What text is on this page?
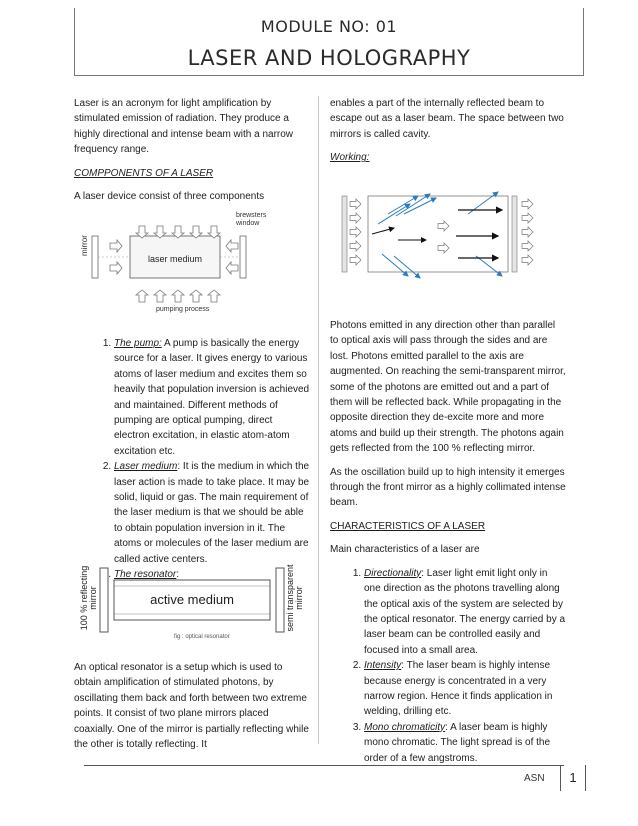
MODULE NO: 01
LASER AND HOLOGRAPHY

Laser is an acronym for light amplification by stimulated emission of radiation. They produce a highly directional and intense beam with a narrow frequency range.

COMPPONENTS OF A LASER

A laser device consist of three components

mirror
laser medium
brewsters window
pumping process
1. The pump: A pump is basically the energy source for a laser. It gives energy to various atoms of laser medium and excites them so heavily that population inversion is achieved and maintained. Different methods of pumping are optical pumping, direct electron excitation, in elastic atom-atom excitation etc.
2. Laser medium: It is the medium in which the laser action is made to take place. It may be solid, liquid or gas. The main requirement of the laser medium is that we should be able to obtain population inversion in it. The atoms or molecules of the laser medium are called active centers.
3. The resonator:
100 % reflecting mirror	active medium	semi transparent mirror
fig : optical resonator

An optical resonator is a setup which is used to obtain amplification of stimulated photons, by oscillating them back and forth between two extreme points. It consist of two plane mirrors placed coaxially. One of the mirror is partially reflecting while the other is totally reflecting. It

enables a part of the internally reflected beam to escape out as a laser beam. The space between two mirrors is called cavity.

Working:

Photons emitted in any direction other than parallel to optical axis will pass through the sides and are lost. Photons emitted parallel to the axis are augmented. On reaching the semi-transparent mirror, some of the photons are emitted out and a part of them will be reflected back. While propagating in the opposite direction they de-excite more and more atoms and build up their strength. The photons again gets reflected from the 100 % reflecting mirror.

As the oscillation build up to high intensity it emerges through the front mirror as a highly collimated intense beam.

CHARACTERISTICS OF A LASER

Main characteristics of a laser are

1. Directionality: Laser light emit light only in one direction as the photons travelling along the optical axis of the system are selected by the optical resonator. The energy carried by a laser beam can be controlled easily and focused into a small area.
2. Intensity: The laser beam is highly intense because energy is concentrated in a very narrow region. Hence it finds application in welding, drilling etc.
3. Mono chromaticity: A laser beam is highly mono chromatic. The light spread is of the order of a few angstroms.
ASN	1
